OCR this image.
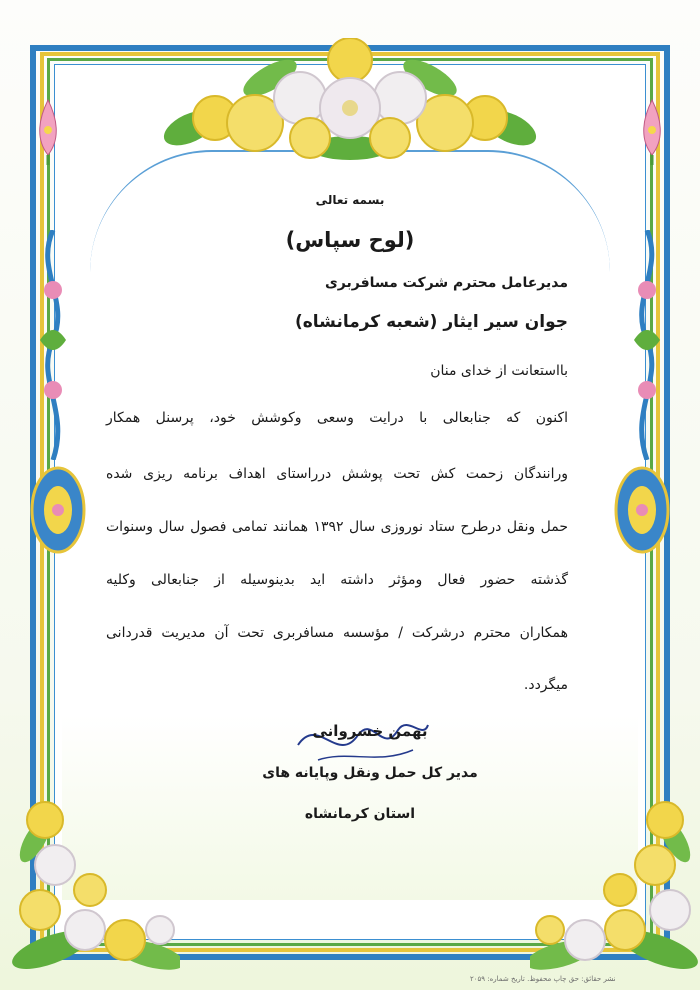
بسمه تعالی
(لوح سپاس)
مدیرعامل محترم شرکت مسافربری
جوان سیر ایثار (شعبه کرمانشاه)
بااستعانت از خدای منان
اکنون که جنابعالی با درایت وسعی وکوشش خود، پرسنل همکار
ورانندگان زحمت کش تحت پوشش درراستای اهداف برنامه ریزی شده
حمل ونقل درطرح ستاد نوروزی سال ۱۳۹۲ همانند تمامی فصول سال وسنوات
گذشته حضور فعال ومؤثر داشته اید بدینوسیله از جنابعالی وکلیه
همکاران محترم درشرکت / مؤسسه مسافربری تحت آن مدیریت قدردانی
میگردد.
بهمن خسروانی
مدیر کل حمل ونقل وپایانه های
استان کرمانشاه
نشر حقائق: حق چاپ محفوظ. تاریخ شماره: ۲۰۵۹
